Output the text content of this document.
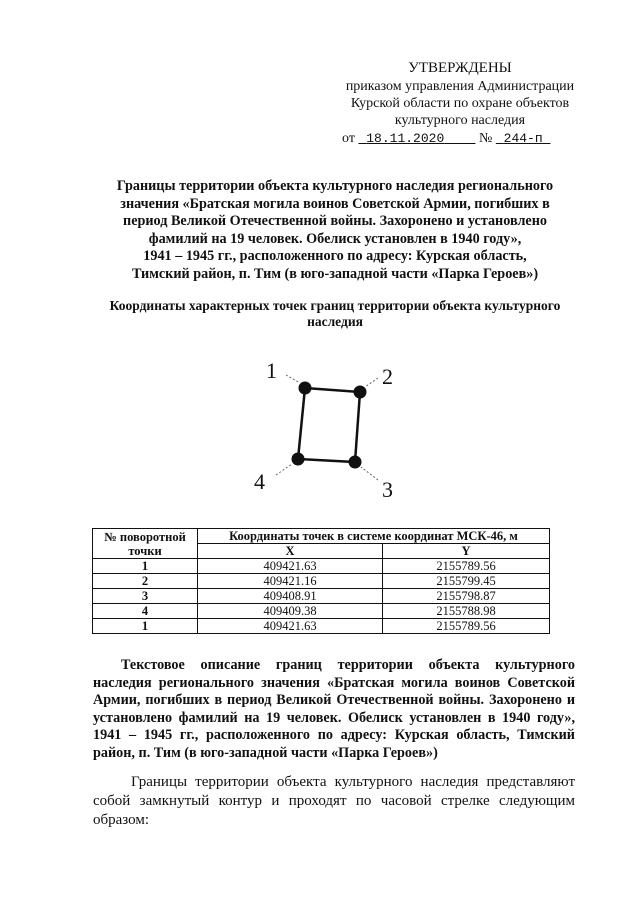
УТВЕРЖДЕНЫ
приказом управления Администрации
Курской области по охране объектов
культурного наследия
от 18.11.2020 № 244-п
Границы территории объекта культурного наследия регионального
значения «Братская могила воинов Советской Армии, погибших в
период Великой Отечественной войны. Захоронено и установлено
фамилий на 19 человек. Обелиск установлен в 1940 году»,
1941 – 1945 гг., расположенного по адресу: Курская область,
Тимский район, п. Тим (в юго-западной части «Парка Героев»)
Координаты характерных точек границ территории объекта культурного
наследия
1	2
3
4
№ поворотной точки	Координаты точек в системе координат МСК-46, м	
	X	Y
1	409421.63	2155789.56
2	409421.16	2155799.45
3	409408.91	2155798.87
4	409409.38	2155788.98
1	409421.63	2155789.56

Текстовое описание границ территории объекта культурного наследия регионального значения «Братская могила воинов Советской Армии, погибших в период Великой Отечественной войны. Захоронено и установлено фамилий на 19 человек. Обелиск установлен в 1940 году», 1941 – 1945 гг., расположенного по адресу: Курская область, Тимский район, п. Тим (в юго-западной части «Парка Героев»)

Границы территории объекта культурного наследия представляют собой замкнутый контур и проходят по часовой стрелке следующим образом:
